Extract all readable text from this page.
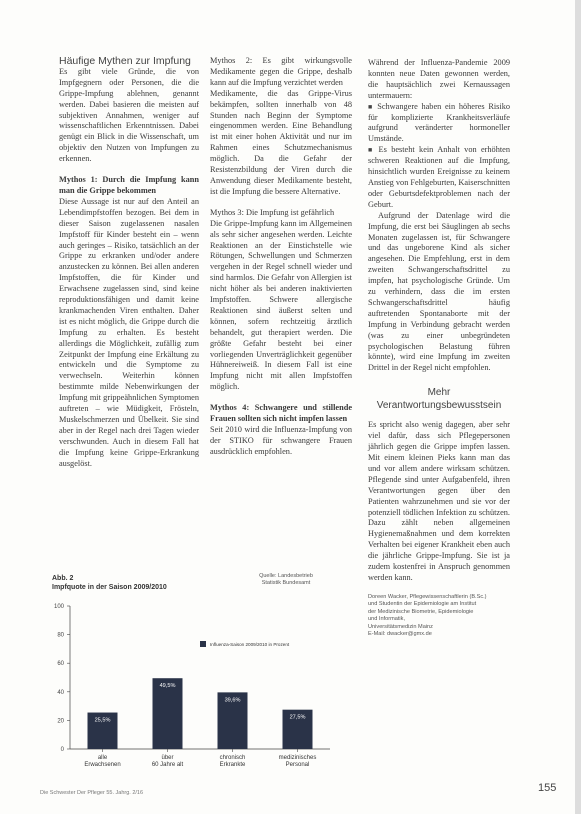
Häufige Mythen zur Impfung

Es gibt viele Gründe, die von Impfgegnern oder Personen, die die Grippe-Impfung ablehnen, genannt werden. Dabei basieren die meisten auf subjektiven Annahmen, weniger auf wissenschaftlichen Erkenntnissen. Dabei genügt ein Blick in die Wissenschaft, um objektiv den Nutzen von Impfungen zu erkennen.

Mythos 1: Durch die Impfung kann man die Grippe bekommen

Diese Aussage ist nur auf den Anteil an Lebendimpfstoffen bezogen. Bei dem in dieser Saison zugelassenen nasalen Impfstoff für Kinder besteht ein – wenn auch geringes – Risiko, tatsächlich an der Grippe zu erkranken und/oder andere anzustecken zu können. Bei allen anderen Impfstoffen, die für Kinder und Erwachsene zugelassen sind, sind keine reproduktionsfähigen und damit keine krankmachenden Viren enthalten. Daher ist es nicht möglich, die Grippe durch die Impfung zu erhalten. Es besteht allerdings die Möglichkeit, zufällig zum Zeitpunkt der Impfung eine Erkältung zu entwickeln und die Symptome zu verwechseln. Weiterhin können bestimmte milde Nebenwirkungen der Impfung mit grippeähnlichen Symptomen auftreten – wie Müdigkeit, Frösteln, Muskelschmerzen und Übelkeit. Sie sind aber in der Regel nach drei Tagen wieder verschwunden. Auch in diesem Fall hat die Impfung keine Grippe-Erkrankung ausgelöst.

Mythos 2: Es gibt wirkungsvolle Medikamente gegen die Grippe, deshalb kann auf die Impfung verzichtet werden

Medikamente, die das Grippe-Virus bekämpfen, sollten innerhalb von 48 Stunden nach Beginn der Symptome eingenommen werden. Eine Behandlung ist mit einer hohen Aktivität und nur im Rahmen eines Schutzmechanismus möglich. Da die Gefahr der Resistenzbildung der Viren durch die Anwendung dieser Medikamente besteht, ist die Impfung die bessere Alternative.

Mythos 3: Die Impfung ist gefährlich

Die Grippe-Impfung kann im Allgemeinen als sehr sicher angesehen werden. Leichte Reaktionen an der Einstichstelle wie Rötungen, Schwellungen und Schmerzen vergehen in der Regel schnell wieder und sind harmlos. Die Gefahr von Allergien ist nicht höher als bei anderen inaktivierten Impfstoffen. Schwere allergische Reaktionen sind äußerst selten und können, sofern rechtzeitig ärztlich behandelt, gut therapiert werden. Die größte Gefahr besteht bei einer vorliegenden Unverträglichkeit gegenüber Hühnereiweiß. In diesem Fall ist eine Impfung nicht mit allen Impfstoffen möglich.

Mythos 4: Schwangere und stillende Frauen sollten sich nicht impfen lassen

Seit 2010 wird die Influenza-Impfung von der STIKO für schwangere Frauen ausdrücklich empfohlen.

Während der Influenza-Pandemie 2009 konnten neue Daten gewonnen werden, die hauptsächlich zwei Kernaussagen untermauern:

■ Schwangere haben ein höheres Risiko für komplizierte Krankheitsverläufe aufgrund veränderter hormoneller Umstände.

■ Es besteht kein Anhalt von erhöhten schweren Reaktionen auf die Impfung, hinsichtlich wurden Ereignisse zu keinem Anstieg von Fehlgeburten, Kaiserschnitten oder Geburtsdefektproblemen nach der Geburt.

Aufgrund der Datenlage wird die Impfung, die erst bei Säuglingen ab sechs Monaten zugelassen ist, für Schwangere und das ungeborene Kind als sicher angesehen. Die Empfehlung, erst in dem zweiten Schwangerschaftsdrittel zu impfen, hat psychologische Gründe. Um zu verhindern, dass die im ersten Schwangerschaftsdrittel häufig auftretenden Spontanaborte mit der Impfung in Verbindung gebracht werden (was zu einer unbegründeten psychologischen Belastung führen könnte), wird eine Impfung im zweiten Drittel in der Regel nicht empfohlen.

Mehr Verantwortungsbewusstsein

Es spricht also wenig dagegen, aber sehr viel dafür, dass sich Pflegepersonen jährlich gegen die Grippe impfen lassen. Mit einem kleinen Pieks kann man das und vor allem andere wirksam schützen. Pflegende sind unter Aufgabenfeld, ihren Verantwortungen gegen über den Patienten wahrzunehmen und sie vor der potenziell tödlichen Infektion zu schützen. Dazu zählt neben allgemeinen Hygienemaßnahmen und dem korrekten Verhalten bei eigener Krankheit eben auch die jährliche Grippe-Impfung. Sie ist ja zudem kostenfrei in Anspruch genommen werden kann.

Doreen Wacker, Pflegewissenschaftlerin (B.Sc.)
und Studentin der Epidemiologie am Institut
der Medizinische Biometrie, Epidemiologie
und Informatik,
Universitätsmedizin Mainz
E-Mail: dwacker@gmx.de
Abb. 2
Impfquote in der Saison 2009/2010
Quelle: Landesbetrieb
Statistik Bundesamt
0
20
40
60
80
100
25,5%
49,5%
39,6%
27,5%
Influenza-Saison 2009/2010 in Prozent
alle
Erwachsenen
über
60 Jahre alt
chronisch
Erkrankte
medizinisches
Personal
Die Schwester Der Pfleger 55. Jahrg. 2/16	155
